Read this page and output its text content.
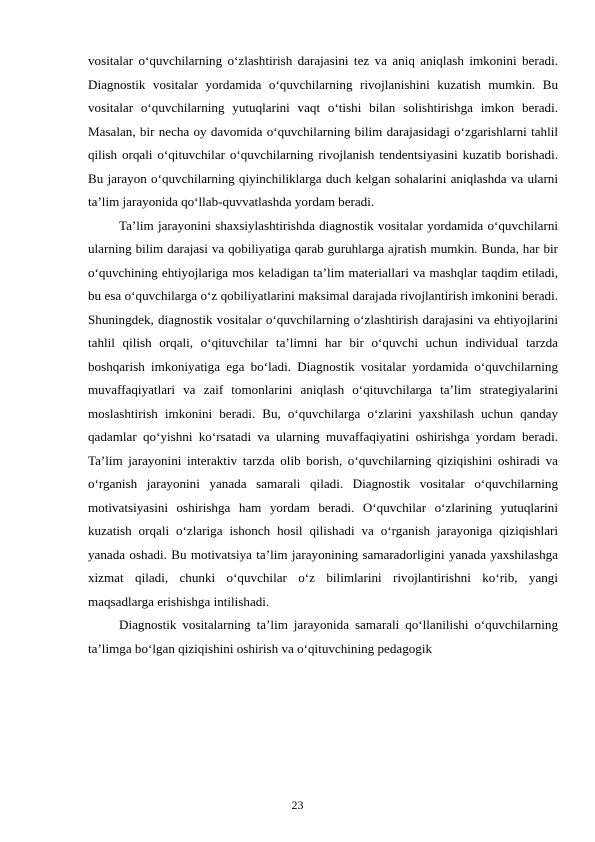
vositalar o‘quvchilarning o‘zlashtirish darajasini tez va aniq aniqlash imkonini beradi. Diagnostik vositalar yordamida o‘quvchilarning rivojlanishini kuzatish mumkin. Bu vositalar o‘quvchilarning yutuqlarini vaqt o‘tishi bilan solishtirishga imkon beradi. Masalan, bir necha oy davomida o‘quvchilarning bilim darajasidagi o‘zgarishlarni tahlil qilish orqali o‘qituvchilar o‘quvchilarning rivojlanish tendentsiyasini kuzatib borishadi. Bu jarayon o‘quvchilarning qiyinchiliklarga duch kelgan sohalarini aniqlashda va ularni ta’lim jarayonida qo‘llab-quvvatlashda yordam beradi.

Ta’lim jarayonini shaxsiylashtirishda diagnostik vositalar yordamida o‘quvchilarni ularning bilim darajasi va qobiliyatiga qarab guruhlarga ajratish mumkin. Bunda, har bir o‘quvchining ehtiyojlariga mos keladigan ta’lim materiallari va mashqlar taqdim etiladi, bu esa o‘quvchilarga o‘z qobiliyatlarini maksimal darajada rivojlantirish imkonini beradi. Shuningdek, diagnostik vositalar o‘quvchilarning o‘zlashtirish darajasini va ehtiyojlarini tahlil qilish orqali, o‘qituvchilar ta’limni har bir o‘quvchi uchun individual tarzda boshqarish imkoniyatiga ega bo‘ladi. Diagnostik vositalar yordamida o‘quvchilarning muvaffaqiyatlari va zaif tomonlarini aniqlash o‘qituvchilarga ta’lim strategiyalarini moslashtirish imkonini beradi. Bu, o‘quvchilarga o‘zlarini yaxshilash uchun qanday qadamlar qo‘yishni ko‘rsatadi va ularning muvaffaqiyatini oshirishga yordam beradi. Ta’lim jarayonini interaktiv tarzda olib borish, o‘quvchilarning qiziqishini oshiradi va o‘rganish jarayonini yanada samarali qiladi. Diagnostik vositalar o‘quvchilarning motivatsiyasini oshirishga ham yordam beradi. O‘quvchilar o‘zlarining yutuqlarini kuzatish orqali o‘zlariga ishonch hosil qilishadi va o‘rganish jarayoniga qiziqishlari yanada oshadi. Bu motivatsiya ta’lim jarayonining samaradorligini yanada yaxshilashga xizmat qiladi, chunki o‘quvchilar o‘z bilimlarini rivojlantirishni ko‘rib, yangi maqsadlarga erishishga intilishadi.

Diagnostik vositalarning ta’lim jarayonida samarali qo‘llanilishi o‘quvchilarning ta’limga bo‘lgan qiziqishini oshirish va o‘qituvchining pedagogik

23
